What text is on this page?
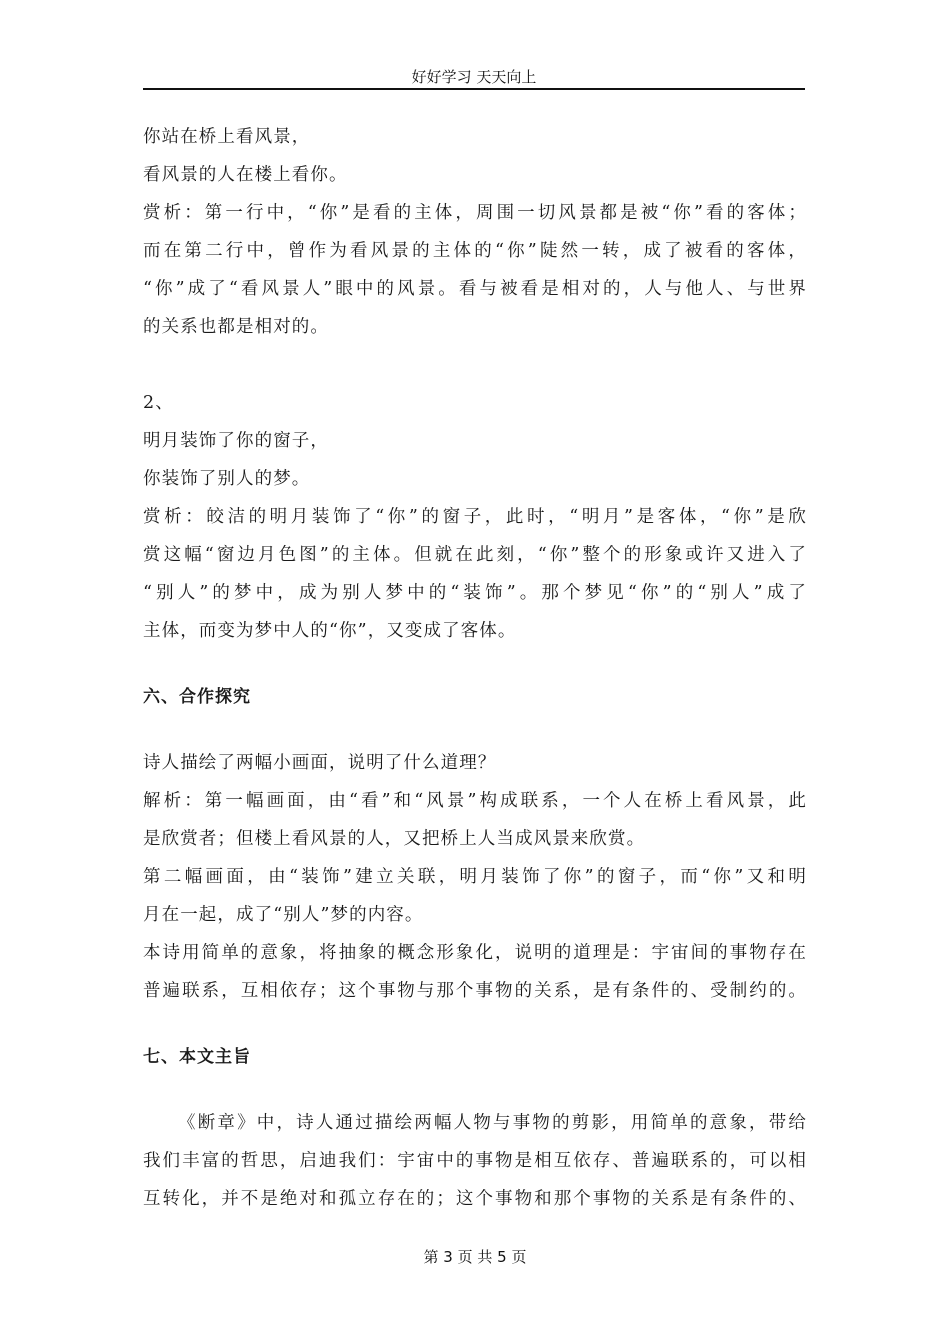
好好学习 天天向上
你站在桥上看风景，
看风景的人在楼上看你。
赏析：第一行中，“你”是看的主体，周围一切风景都是被“你”看的客体；
而在第二行中，曾作为看风景的主体的“你”陡然一转，成了被看的客体，
“你”成了“看风景人”眼中的风景。看与被看是相对的，人与他人、与世界
的关系也都是相对的。
2、
明月装饰了你的窗子，
你装饰了别人的梦。
赏析：皎洁的明月装饰了“你”的窗子，此时，“明月”是客体，“你”是欣
赏这幅“窗边月色图”的主体。但就在此刻，“你”整个的形象或许又进入了
“别人”的梦中，成为别人梦中的“装饰”。那个梦见“你”的“别人”成了
主体，而变为梦中人的“你”，又变成了客体。
六、合作探究
诗人描绘了两幅小画面，说明了什么道理？
解析：第一幅画面，由“看”和“风景”构成联系，一个人在桥上看风景，此
是欣赏者；但楼上看风景的人，又把桥上人当成风景来欣赏。
第二幅画面，由“装饰”建立关联，明月装饰了你”的窗子，而“你”又和明
月在一起，成了“别人”梦的内容。
本诗用简单的意象，将抽象的概念形象化，说明的道理是：宇宙间的事物存在
普遍联系，互相依存；这个事物与那个事物的关系，是有条件的、受制约的。
七、本文主旨
《断章》中，诗人通过描绘两幅人物与事物的剪影，用简单的意象，带给
我们丰富的哲思，启迪我们：宇宙中的事物是相互依存、普遍联系的，可以相
互转化，并不是绝对和孤立存在的；这个事物和那个事物的关系是有条件的、
第 3 页 共 5 页
